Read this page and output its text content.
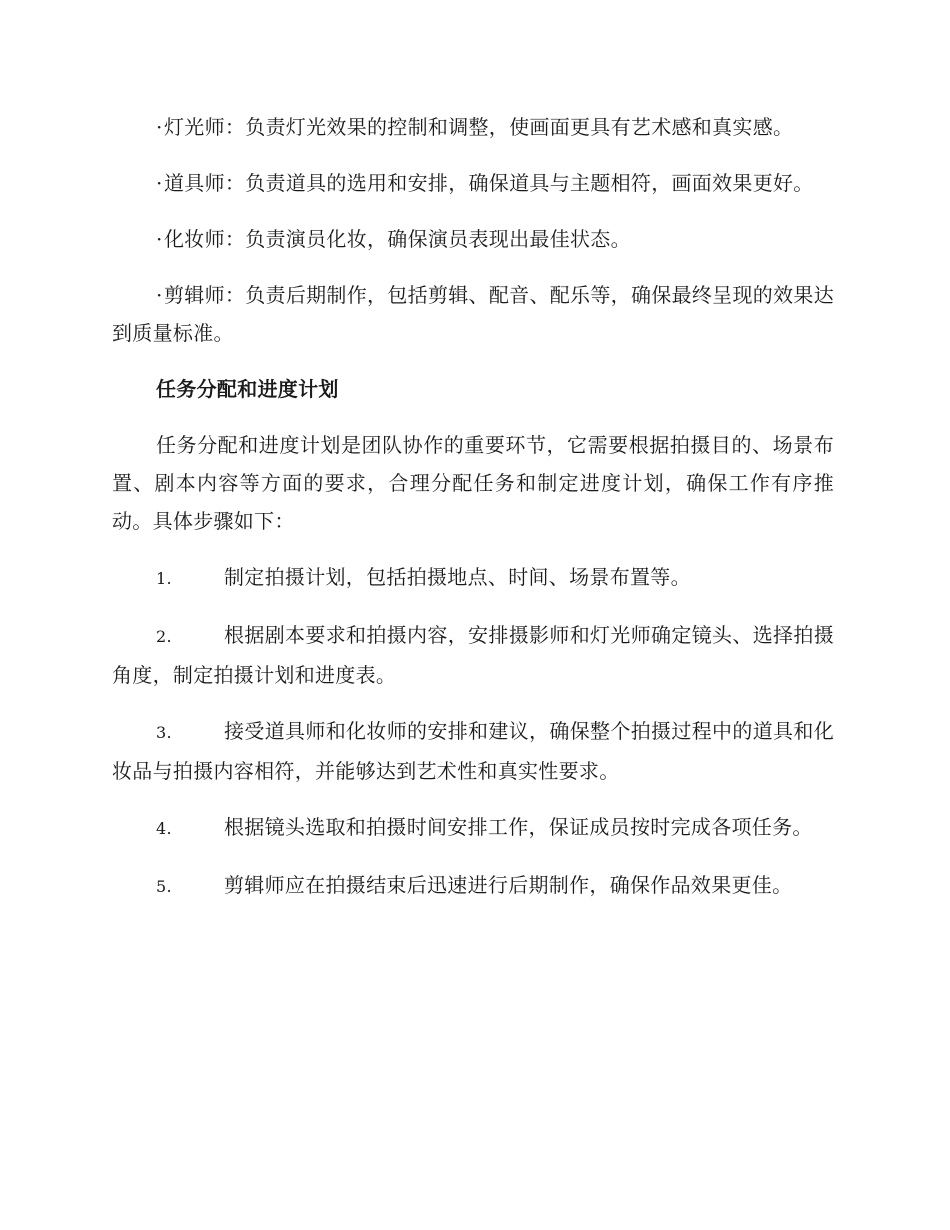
·灯光师：负责灯光效果的控制和调整，使画面更具有艺术感和真实感。

·道具师：负责道具的选用和安排，确保道具与主题相符，画面效果更好。

·化妆师：负责演员化妆，确保演员表现出最佳状态。

·剪辑师：负责后期制作，包括剪辑、配音、配乐等，确保最终呈现的效果达到质量标准。

任务分配和进度计划

任务分配和进度计划是团队协作的重要环节，它需要根据拍摄目的、场景布置、剧本内容等方面的要求，合理分配任务和制定进度计划，确保工作有序推动。具体步骤如下：

1.	制定拍摄计划，包括拍摄地点、时间、场景布置等。

2.	根据剧本要求和拍摄内容，安排摄影师和灯光师确定镜头、选择拍摄角度，制定拍摄计划和进度表。

3.	接受道具师和化妆师的安排和建议，确保整个拍摄过程中的道具和化妆品与拍摄内容相符，并能够达到艺术性和真实性要求。

4.	根据镜头选取和拍摄时间安排工作，保证成员按时完成各项任务。

5.	剪辑师应在拍摄结束后迅速进行后期制作，确保作品效果更佳。
